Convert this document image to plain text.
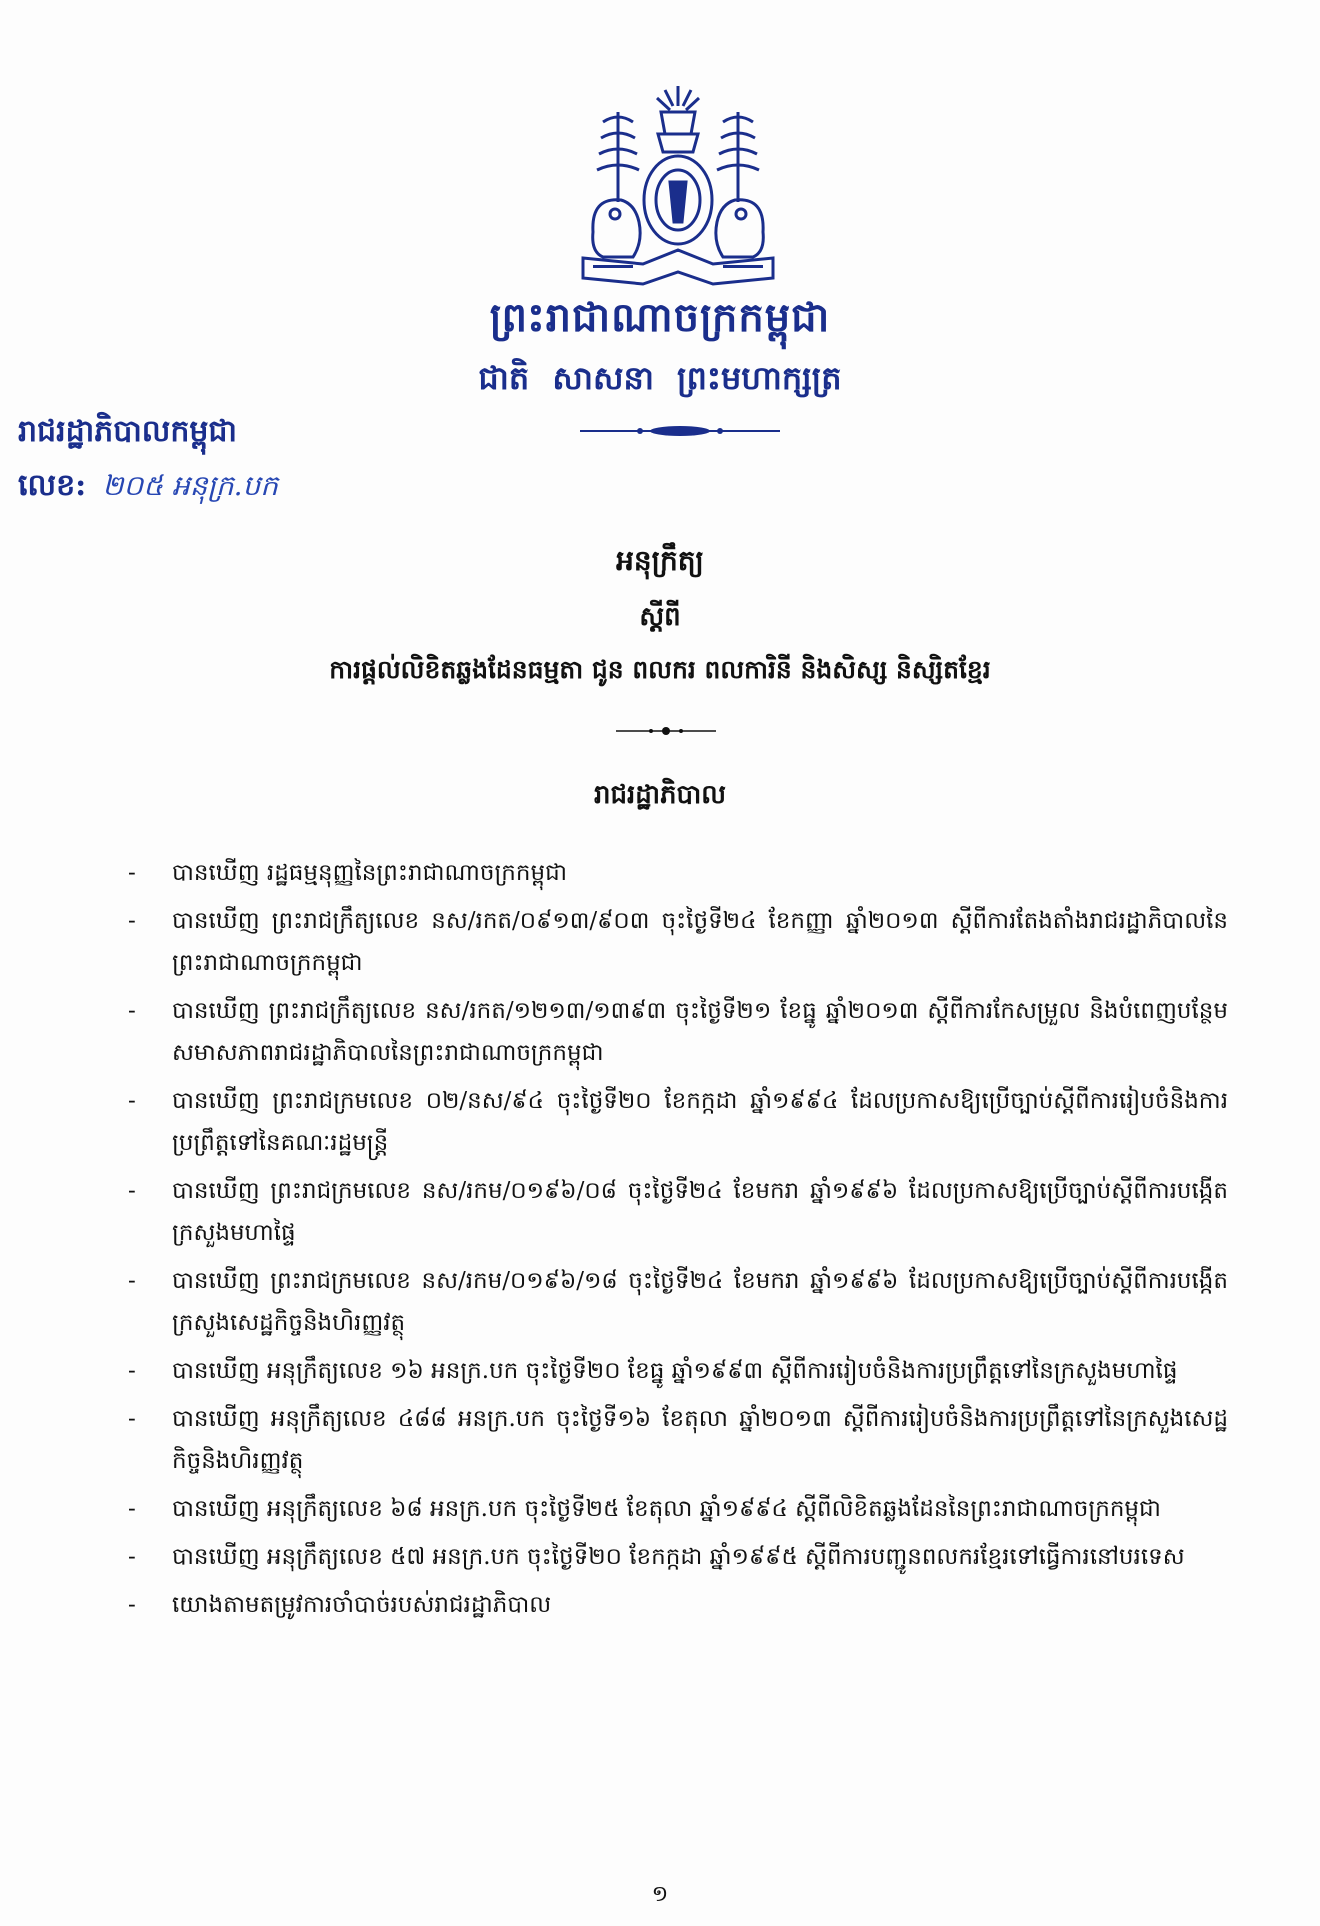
ព្រះរាជាណាចក្រកម្ពុជា
ជាតិ សាសនា ព្រះមហាក្សត្រ
រាជរដ្ឋាភិបាលកម្ពុជា
លេខ: ២០៥ អនុក្រ.បក
អនុក្រឹត្យ
ស្តីពី
ការផ្តល់លិខិតឆ្លងដែនធម្មតា ជូន ពលករ ពលការិនី និងសិស្ស និស្សិតខ្មែរ
រាជរដ្ឋាភិបាល
-	បានឃើញ រដ្ឋធម្មនុញ្ញនៃព្រះរាជាណាចក្រកម្ពុជា
-	បានឃើញ ព្រះរាជក្រឹត្យលេខ នស/រកត/០៩១៣/៩០៣ ចុះថ្ងៃទី២៤ ខែកញ្ញា ឆ្នាំ២០១៣ ស្តីពីការតែងតាំងរាជរដ្ឋាភិបាលនៃព្រះរាជាណាចក្រកម្ពុជា
-	បានឃើញ ព្រះរាជក្រឹត្យលេខ នស/រកត/១២១៣/១៣៩៣ ចុះថ្ងៃទី២១ ខែធ្នូ ឆ្នាំ២០១៣ ស្តីពីការកែសម្រួល និងបំពេញបន្ថែមសមាសភាពរាជរដ្ឋាភិបាលនៃព្រះរាជាណាចក្រកម្ពុជា
-	បានឃើញ ព្រះរាជក្រមលេខ ០២/នស/៩៤ ចុះថ្ងៃទី២០ ខែកក្កដា ឆ្នាំ១៩៩៤ ដែលប្រកាសឱ្យប្រើច្បាប់ស្តីពីការរៀបចំនិងការប្រព្រឹត្តទៅនៃគណៈរដ្ឋមន្ត្រី
-	បានឃើញ ព្រះរាជក្រមលេខ នស/រកម/០១៩៦/០៨ ចុះថ្ងៃទី២៤ ខែមករា ឆ្នាំ១៩៩៦ ដែលប្រកាសឱ្យប្រើច្បាប់ស្តីពីការបង្កើតក្រសួងមហាផ្ទៃ
-	បានឃើញ ព្រះរាជក្រមលេខ នស/រកម/០១៩៦/១៨ ចុះថ្ងៃទី២៤ ខែមករា ឆ្នាំ១៩៩៦ ដែលប្រកាសឱ្យប្រើច្បាប់ស្តីពីការបង្កើតក្រសួងសេដ្ឋកិច្ចនិងហិរញ្ញវត្ថុ
-	បានឃើញ អនុក្រឹត្យលេខ ១៦ អនក្រ.បក ចុះថ្ងៃទី២០ ខែធ្នូ ឆ្នាំ១៩៩៣ ស្តីពីការរៀបចំនិងការប្រព្រឹត្តទៅនៃក្រសួងមហាផ្ទៃ
-	បានឃើញ អនុក្រឹត្យលេខ ៤៨៨ អនក្រ.បក ចុះថ្ងៃទី១៦ ខែតុលា ឆ្នាំ២០១៣ ស្តីពីការរៀបចំនិងការប្រព្រឹត្តទៅនៃក្រសួងសេដ្ឋកិច្ចនិងហិរញ្ញវត្ថុ
-	បានឃើញ អនុក្រឹត្យលេខ ៦៨ អនក្រ.បក ចុះថ្ងៃទី២៥ ខែតុលា ឆ្នាំ១៩៩៤ ស្តីពីលិខិតឆ្លងដែននៃព្រះរាជាណាចក្រកម្ពុជា
-	បានឃើញ អនុក្រឹត្យលេខ ៥៧ អនក្រ.បក ចុះថ្ងៃទី២០ ខែកក្កដា ឆ្នាំ១៩៩៥ ស្តីពីការបញ្ជូនពលករខ្មែរទៅធ្វើការនៅបរទេស
-	យោងតាមតម្រូវការចាំបាច់របស់រាជរដ្ឋាភិបាល
១
